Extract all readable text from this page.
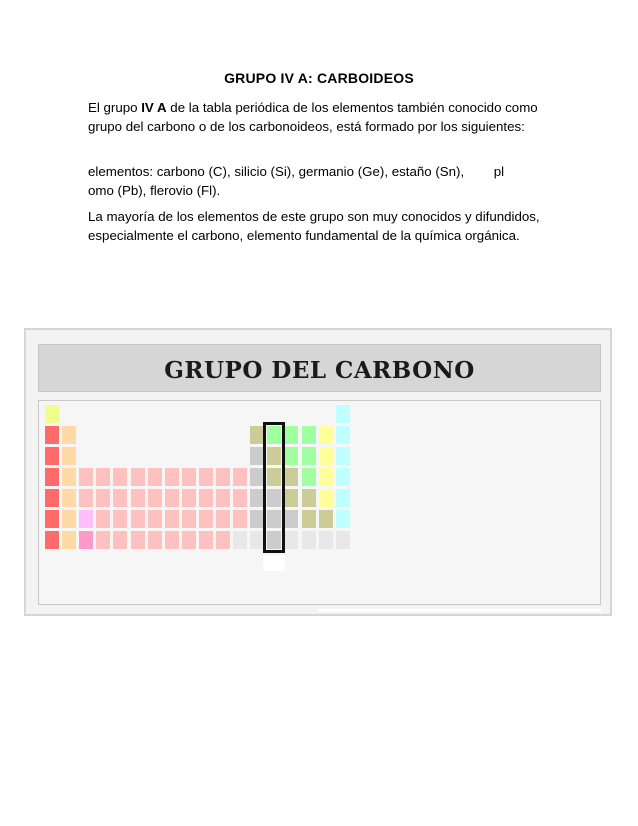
GRUPO IV A: CARBOIDEOS
El grupo IV A de la tabla periódica de los elementos también conocido como grupo del carbono o de los carbonoideos, está formado por los siguientes:
elementos: carbono (C), silicio (Si), germanio (Ge), estaño (Sn),        pl
omo (Pb), flerovio (Fl).
La mayoría de los elementos de este grupo son muy conocidos y difundidos, especialmente el carbono, elemento fundamental de la química orgánica.
GRUPO DEL CARBONO
